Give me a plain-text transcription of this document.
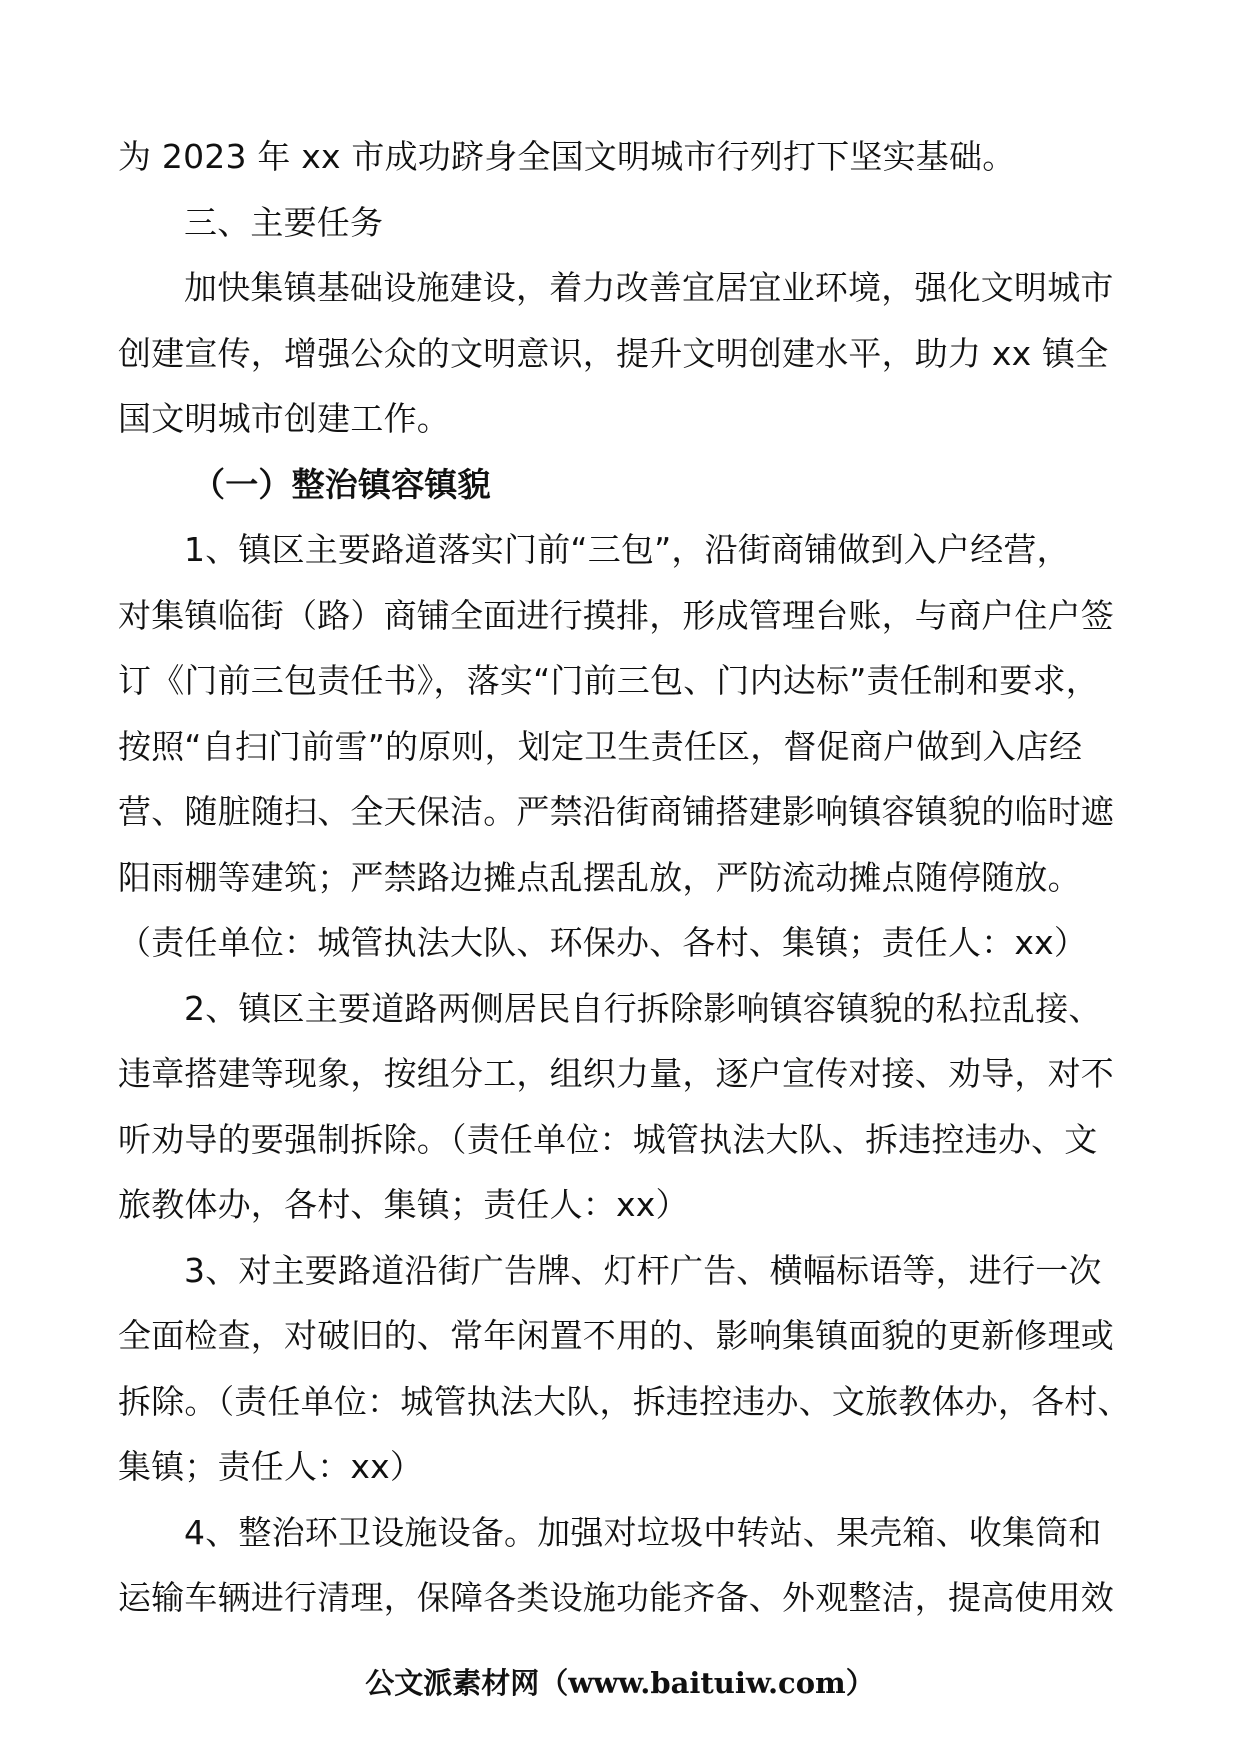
为 2023 年 xx 市成功跻身全国文明城市行列打下坚实基础。
三、主要任务
加快集镇基础设施建设，着力改善宜居宜业环境，强化文明城市
创建宣传，增强公众的文明意识，提升文明创建水平，助力 xx 镇全
国文明城市创建工作。
（一）整治镇容镇貌
1、镇区主要路道落实门前“三包”，沿街商铺做到入户经营，
对集镇临街（路）商铺全面进行摸排，形成管理台账，与商户住户签
订《门前三包责任书》，落实“门前三包、门内达标”责任制和要求，
按照“自扫门前雪”的原则，划定卫生责任区，督促商户做到入店经
营、随脏随扫、全天保洁。严禁沿街商铺搭建影响镇容镇貌的临时遮
阳雨棚等建筑；严禁路边摊点乱摆乱放，严防流动摊点随停随放。
（责任单位：城管执法大队、环保办、各村、集镇；责任人：xx）
2、镇区主要道路两侧居民自行拆除影响镇容镇貌的私拉乱接、
违章搭建等现象，按组分工，组织力量，逐户宣传对接、劝导，对不
听劝导的要强制拆除。（责任单位：城管执法大队、拆违控违办、文
旅教体办，各村、集镇；责任人：xx）
3、对主要路道沿街广告牌、灯杆广告、横幅标语等，进行一次
全面检查，对破旧的、常年闲置不用的、影响集镇面貌的更新修理或
拆除。（责任单位：城管执法大队，拆违控违办、文旅教体办，各村、
集镇；责任人：xx）
4、整治环卫设施设备。加强对垃圾中转站、果壳箱、收集筒和
运输车辆进行清理，保障各类设施功能齐备、外观整洁，提高使用效
公文派素材网（www.baituiw.com）
